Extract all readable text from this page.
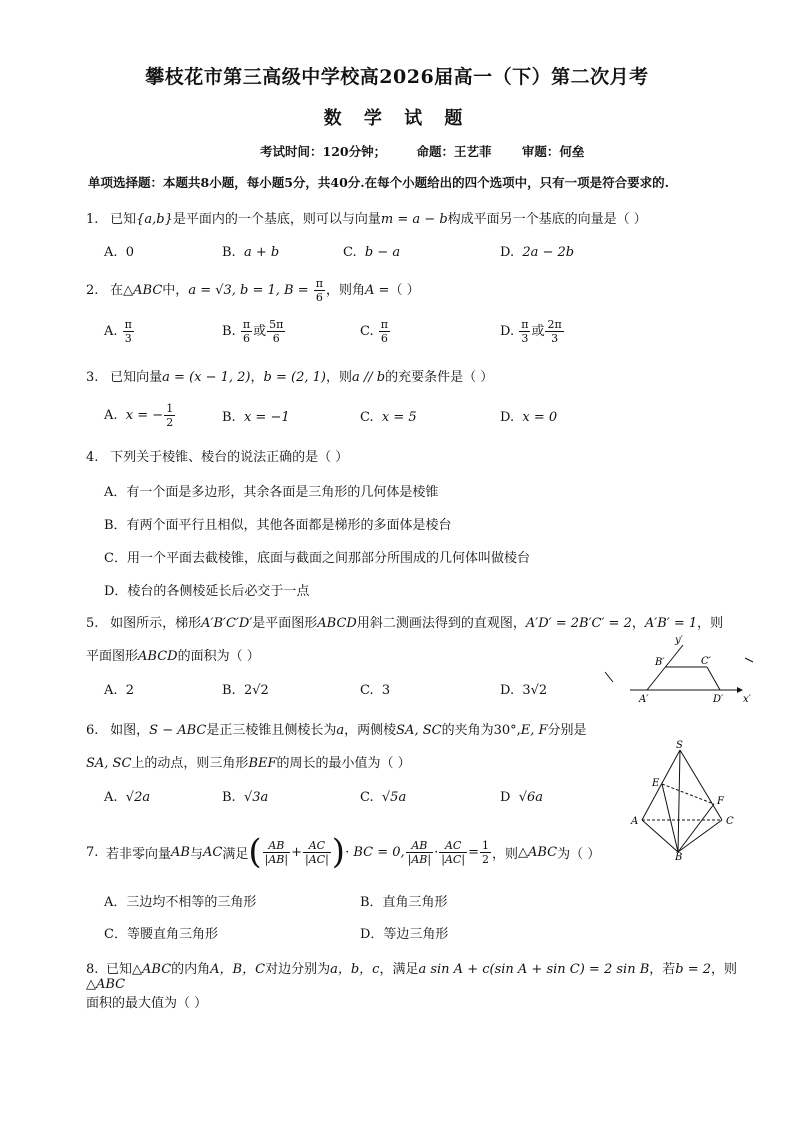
攀枝花市第三高级中学校高2026届高一（下）第二次月考
数 学 试 题
考试时间：120分钟； 命题：王艺菲 审题：何垒
单项选择题：本题共8小题，每小题5分，共40分.在每个小题给出的四个选项中，只有一项是符合要求的.
1. 已知{a,b}是平面内的一个基底，则可以与向量m = a − b构成平面另一个基底的向量是（ ）
A. 0	B. a + b	C. b − a	D. 2a − 2b
2. 在△ABC中，a = √3, b = 1, $B = \frac{\pi}{6}$ ，则角A =（ ）
A. $\frac{\pi}{3}$	B. $\frac{\pi}{6}$ 或 $\frac{5\pi}{6}$	C. $\frac{\pi}{6}$	D. $\frac{\pi}{3}$ 或 $\frac{2\pi}{3}$
3. 已知向量a = (x − 1, 2)，b = (2, 1)，则a // b的充要条件是（ ）
A. x = − $\frac{1}{2}$	B. x = −1	C. x = 5	D. x = 0
4. 下列关于棱锥、棱台的说法正确的是（ ）
A．有一个面是多边形，其余各面是三角形的几何体是棱锥
B．有两个面平行且相似，其他各面都是梯形的多面体是棱台
C．用一个平面去截棱锥，底面与截面之间那部分所围成的几何体叫做棱台
D．棱台的各侧棱延长后必交于一点
5. 如图所示，梯形A′B′C′D′是平面图形ABCD用斜二测画法得到的直观图，A′D′ = 2B′C′ = 2，A′B′ = 1，则
平面图形ABCD的面积为（ ）
A. 2	B. 2√2	C. 3	D. 3√2
A′
B′	C′
D′ x′
y′
6. 如图，S − ABC是正三棱锥且侧棱长为a，两侧棱SA, SC的夹角为30°,E, F分别是
SA, SC上的动点，则三角形BEF的周长的最小值为（ ）
A. √2a	B. √3a	C. √5a	D √6a
S
E
F
A
B
C
7. 若非零向量 AB 与 AC 满足 ( $\frac{AB}{|AB|} + \frac{AC}{|AC|}$ ) · BC = 0, $\frac{AB}{|AB|} \cdot \frac{AC}{|AC|} = \frac{1}{2}$ ，则 △ABC 为（ ）
A．三边均不相等的三角形	B．直角三角形
C．等腰直角三角形	D．等边三角形
8. 已知△ABC的内角A，B，C对边分别为a，b，c，满足a sin A + c(sin A + sin C) = 2 sin B，若b = 2，则△ABC
面积的最大值为（ ）
